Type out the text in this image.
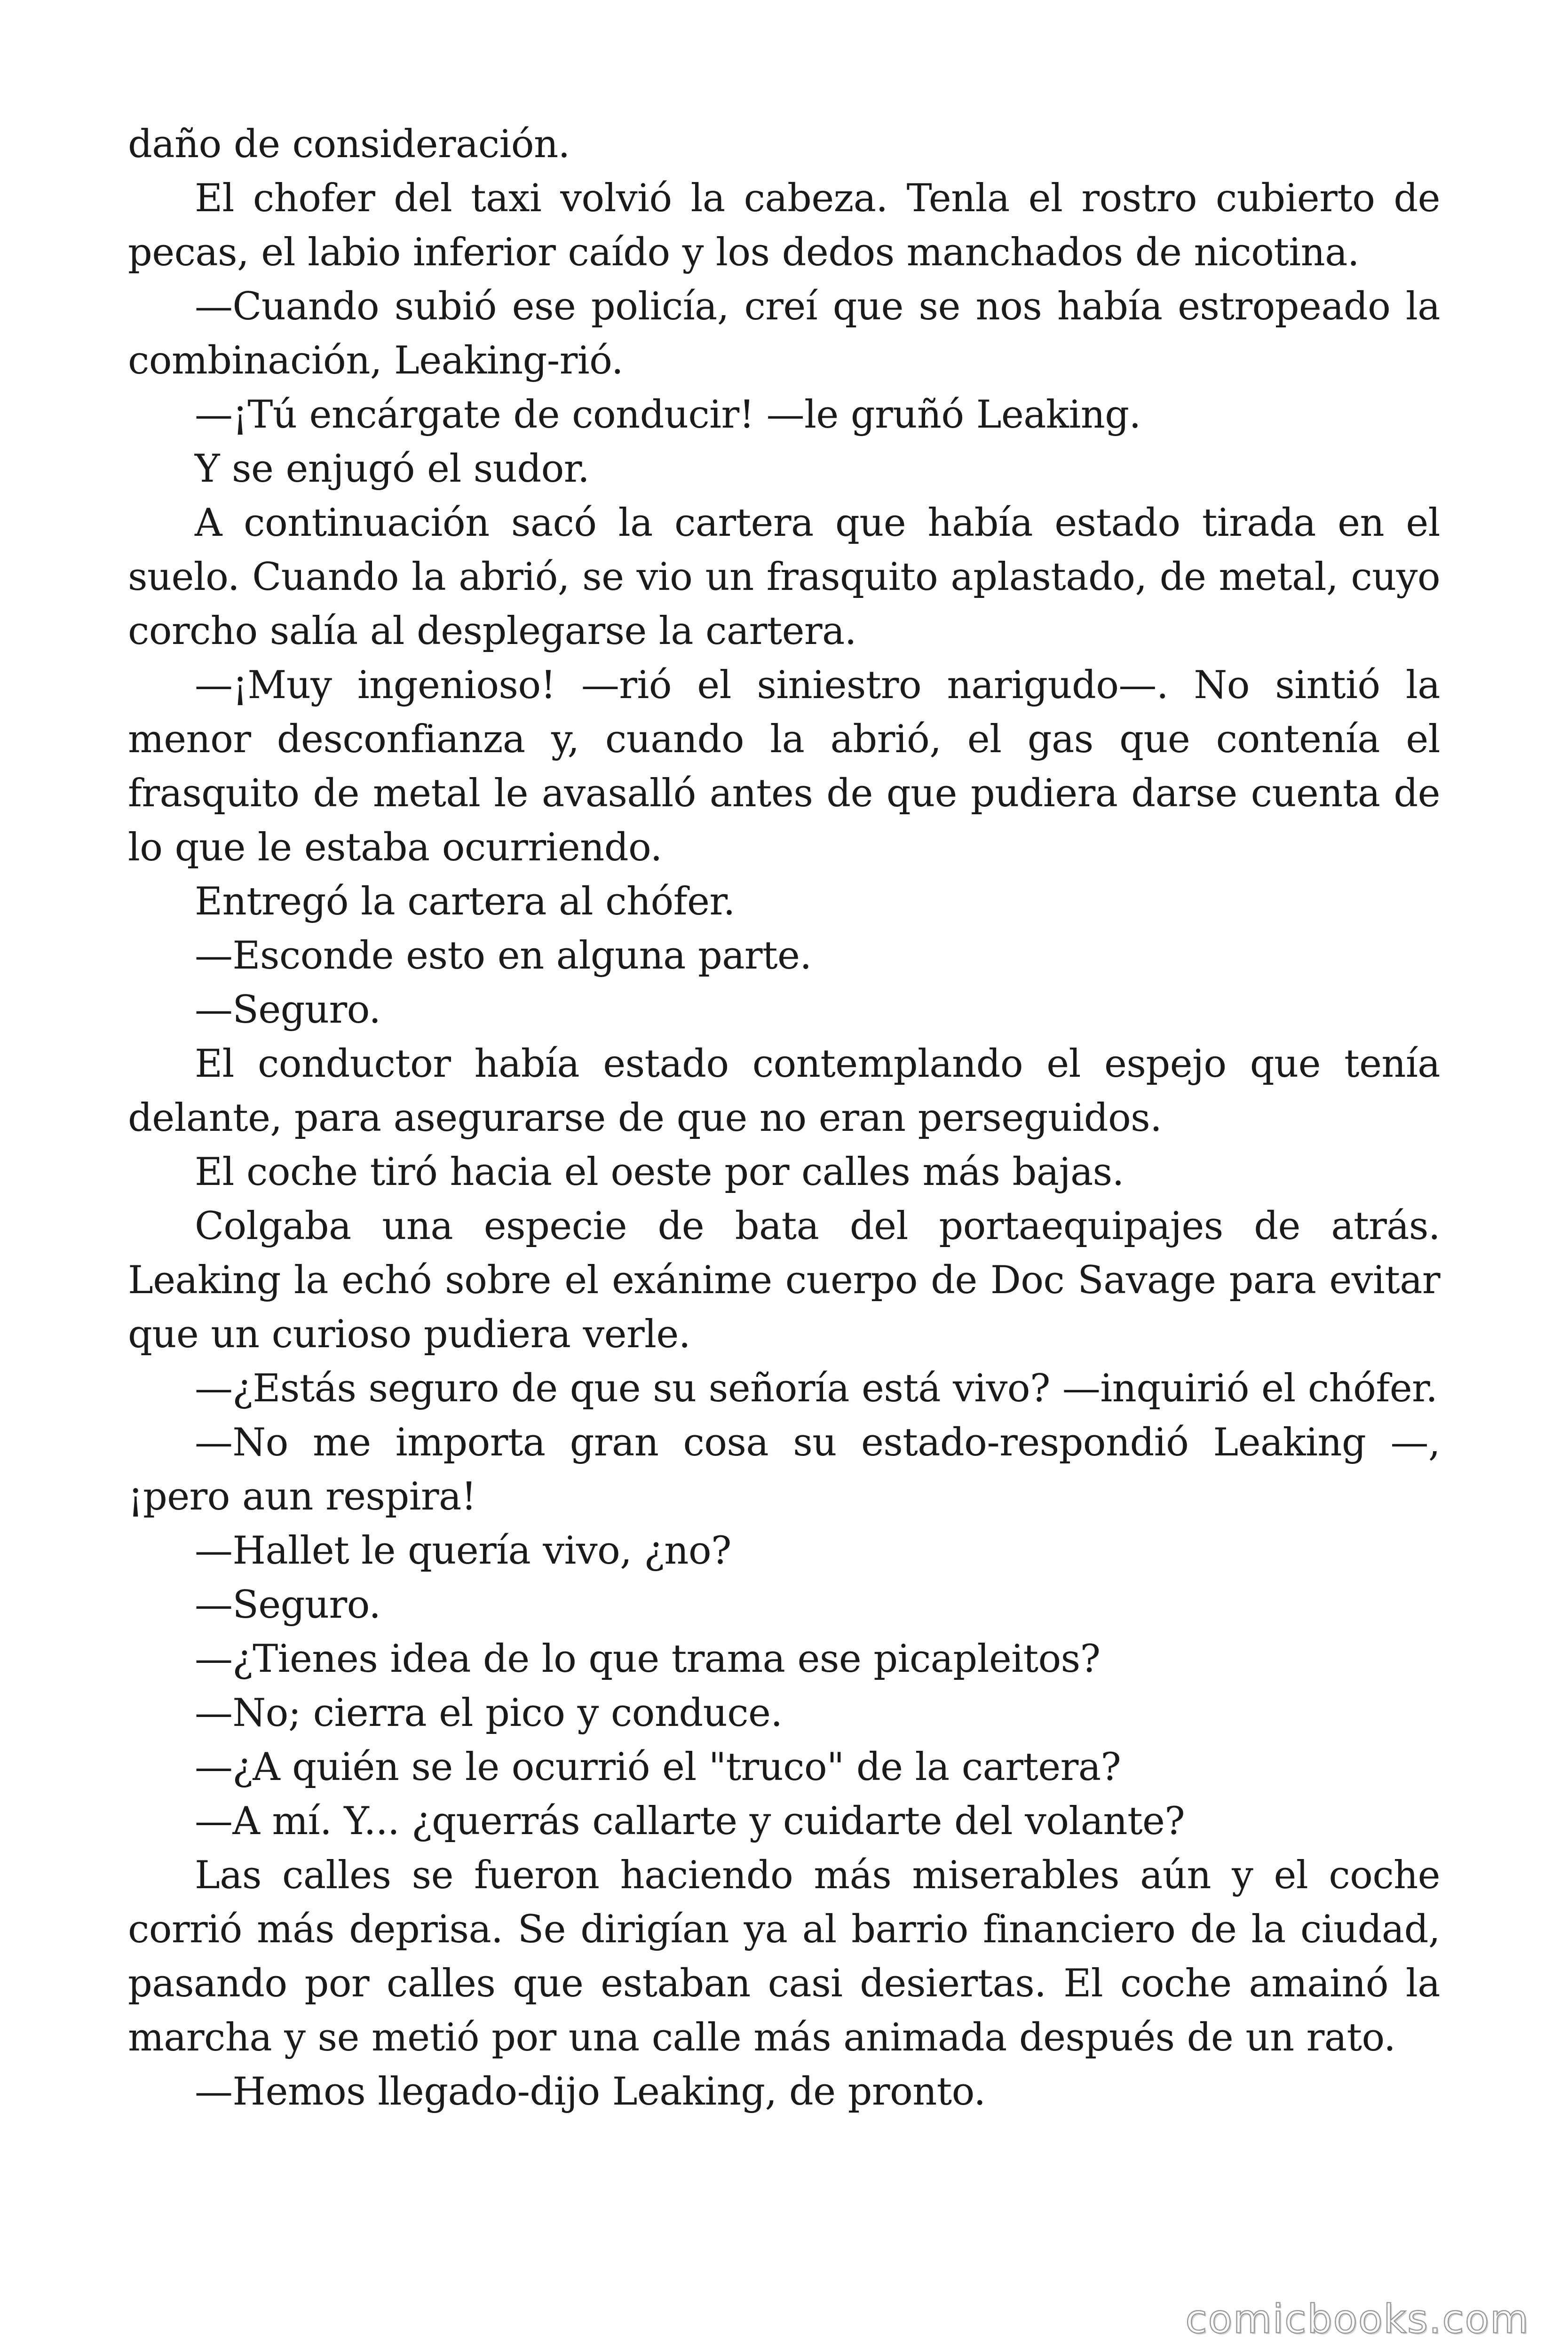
daño de consideración.

El chofer del taxi volvió la cabeza. Tenla el rostro cubierto de pecas, el labio inferior caído y los dedos manchados de nicotina.

—Cuando subió ese policía, creí que se nos había estropeado la combinación, Leaking-rió.

—¡Tú encárgate de conducir! —le gruñó Leaking.

Y se enjugó el sudor.

A continuación sacó la cartera que había estado tirada en el suelo. Cuando la abrió, se vio un frasquito aplastado, de metal, cuyo corcho salía al desplegarse la cartera.

—¡Muy ingenioso! —rió el siniestro narigudo—. No sintió la menor desconfianza y, cuando la abrió, el gas que contenía el frasquito de metal le avasalló antes de que pudiera darse cuenta de lo que le estaba ocurriendo.

Entregó la cartera al chófer.

—Esconde esto en alguna parte.

—Seguro.

El conductor había estado contemplando el espejo que tenía delante, para asegurarse de que no eran perseguidos.

El coche tiró hacia el oeste por calles más bajas.

Colgaba una especie de bata del portaequipajes de atrás. Leaking la echó sobre el exánime cuerpo de Doc Savage para evitar que un curioso pudiera verle.

—¿Estás seguro de que su señoría está vivo? —inquirió el chófer.

—No me importa gran cosa su estado-respondió Leaking —, ¡pero aun respira!

—Hallet le quería vivo, ¿no?

—Seguro.

—¿Tienes idea de lo que trama ese picapleitos?

—No; cierra el pico y conduce.

—¿A quién se le ocurrió el "truco" de la cartera?

—A mí. Y... ¿querrás callarte y cuidarte del volante?

Las calles se fueron haciendo más miserables aún y el coche corrió más deprisa. Se dirigían ya al barrio financiero de la ciudad, pasando por calles que estaban casi desiertas. El coche amainó la marcha y se metió por una calle más animada después de un rato.

—Hemos llegado-dijo Leaking, de pronto.

comicbooks.com
